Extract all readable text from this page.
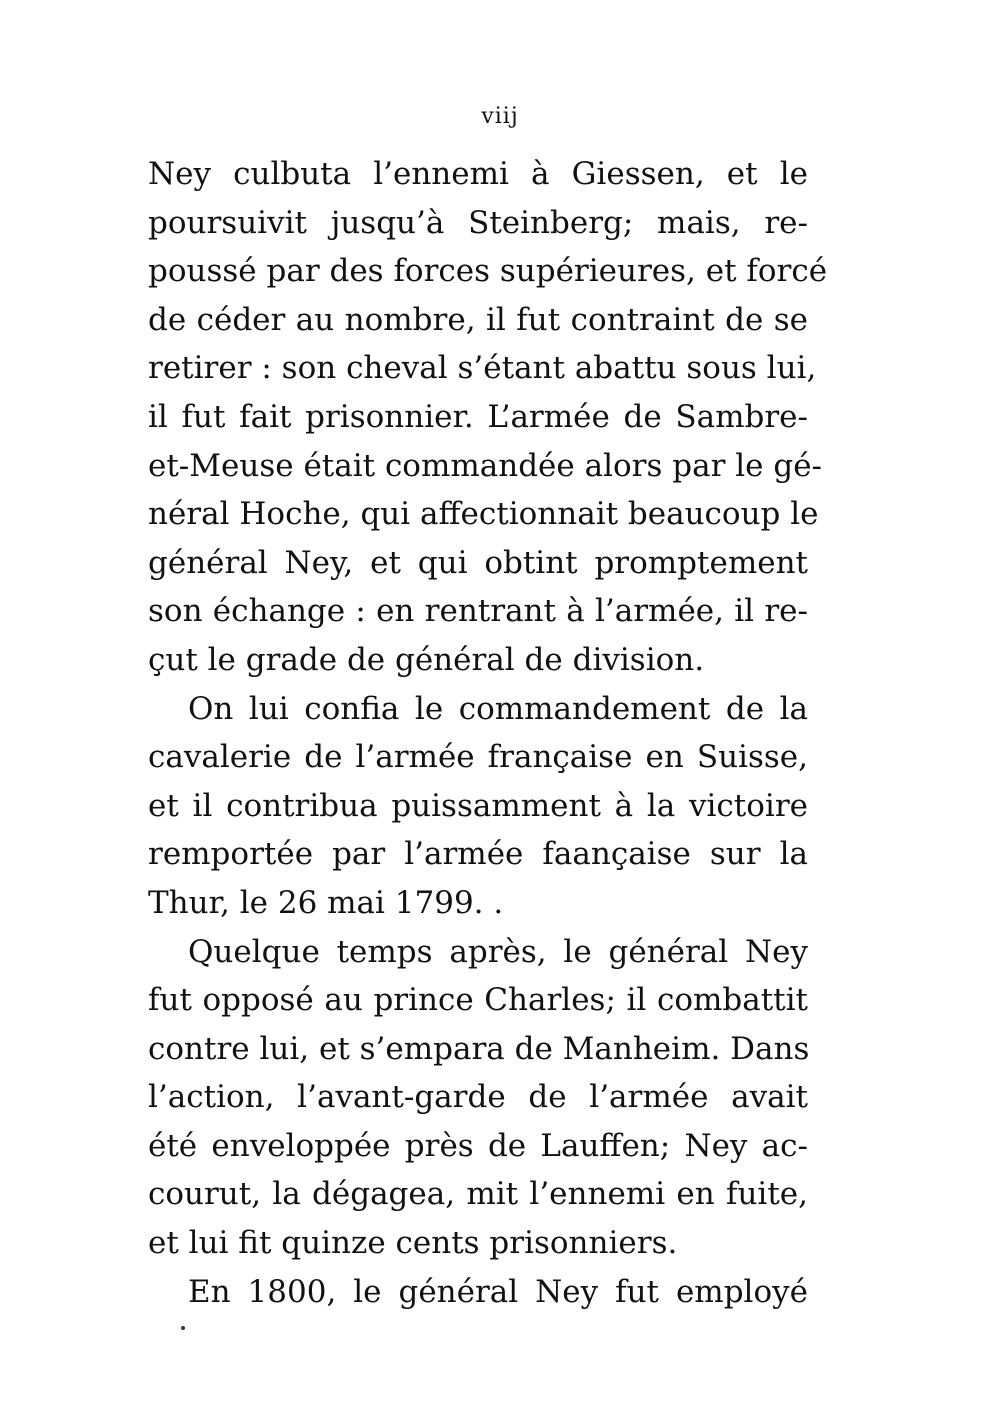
viij
Ney culbuta l’ennemi à Giessen, et le
poursuivit jusqu’à Steinberg; mais, re-
poussé par des forces supérieures, et forcé
de céder au nombre, il fut contraint de se
retirer : son cheval s’étant abattu sous lui,
il fut fait prisonnier. L’armée de Sambre-
et-Meuse était commandée alors par le gé-
néral Hoche, qui affectionnait beaucoup le
général Ney, et qui obtint promptement
son échange : en rentrant à l’armée, il re-
çut le grade de général de division.
On lui confia le commandement de la
cavalerie de l’armée française en Suisse,
et il contribua puissamment à la victoire
remportée par l’armée faançaise sur la
Thur, le 26 mai 1799. .
Quelque temps après, le général Ney
fut opposé au prince Charles; il combattit
contre lui, et s’empara de Manheim. Dans
l’action, l’avant-garde de l’armée avait
été enveloppée près de Lauffen; Ney ac-
courut, la dégagea, mit l’ennemi en fuite,
et lui fit quinze cents prisonniers.
En 1800, le général Ney fut employé
